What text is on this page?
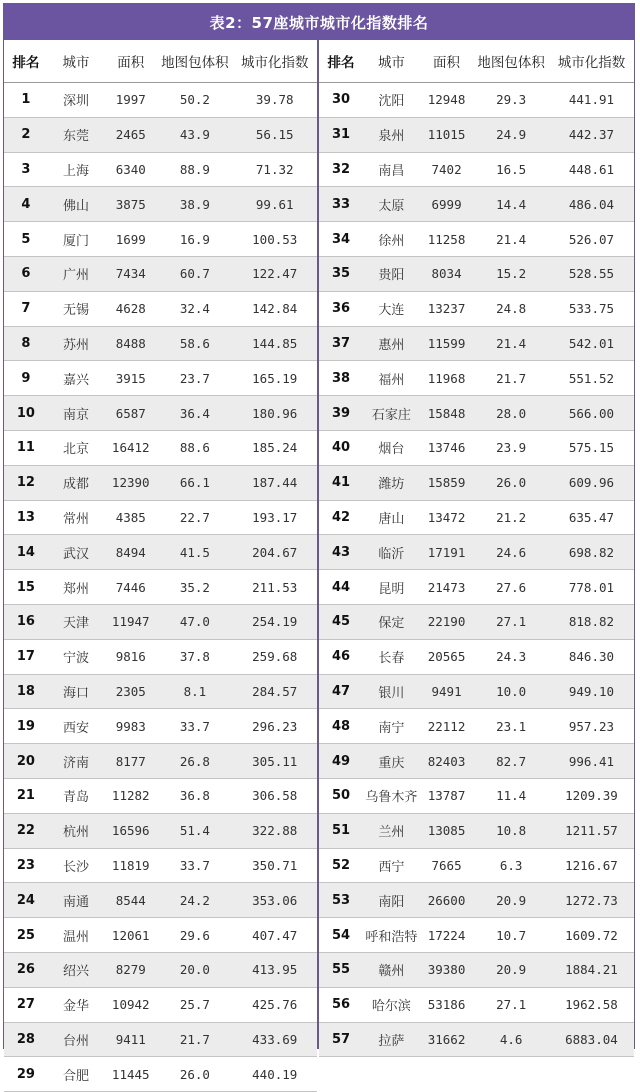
表2：57座城市城市化指数排名
排名	城市	面积	地图包体积	城市化指数
1	深圳	1997	50.2	39.78
2	东莞	2465	43.9	56.15
3	上海	6340	88.9	71.32
4	佛山	3875	38.9	99.61
5	厦门	1699	16.9	100.53
6	广州	7434	60.7	122.47
7	无锡	4628	32.4	142.84
8	苏州	8488	58.6	144.85
9	嘉兴	3915	23.7	165.19
10	南京	6587	36.4	180.96
11	北京	16412	88.6	185.24
12	成都	12390	66.1	187.44
13	常州	4385	22.7	193.17
14	武汉	8494	41.5	204.67
15	郑州	7446	35.2	211.53
16	天津	11947	47.0	254.19
17	宁波	9816	37.8	259.68
18	海口	2305	8.1	284.57
19	西安	9983	33.7	296.23
20	济南	8177	26.8	305.11
21	青岛	11282	36.8	306.58
22	杭州	16596	51.4	322.88
23	长沙	11819	33.7	350.71
24	南通	8544	24.2	353.06
25	温州	12061	29.6	407.47
26	绍兴	8279	20.0	413.95
27	金华	10942	25.7	425.76
28	台州	9411	21.7	433.69
29	合肥	11445	26.0	440.19
排名	城市	面积	地图包体积	城市化指数
30	沈阳	12948	29.3	441.91
31	泉州	11015	24.9	442.37
32	南昌	7402	16.5	448.61
33	太原	6999	14.4	486.04
34	徐州	11258	21.4	526.07
35	贵阳	8034	15.2	528.55
36	大连	13237	24.8	533.75
37	惠州	11599	21.4	542.01
38	福州	11968	21.7	551.52
39	石家庄	15848	28.0	566.00
40	烟台	13746	23.9	575.15
41	潍坊	15859	26.0	609.96
42	唐山	13472	21.2	635.47
43	临沂	17191	24.6	698.82
44	昆明	21473	27.6	778.01
45	保定	22190	27.1	818.82
46	长春	20565	24.3	846.30
47	银川	9491	10.0	949.10
48	南宁	22112	23.1	957.23
49	重庆	82403	82.7	996.41
50	乌鲁木齐	13787	11.4	1209.39
51	兰州	13085	10.8	1211.57
52	西宁	7665	6.3	1216.67
53	南阳	26600	20.9	1272.73
54	呼和浩特	17224	10.7	1609.72
55	赣州	39380	20.9	1884.21
56	哈尔滨	53186	27.1	1962.58
57	拉萨	31662	4.6	6883.04
